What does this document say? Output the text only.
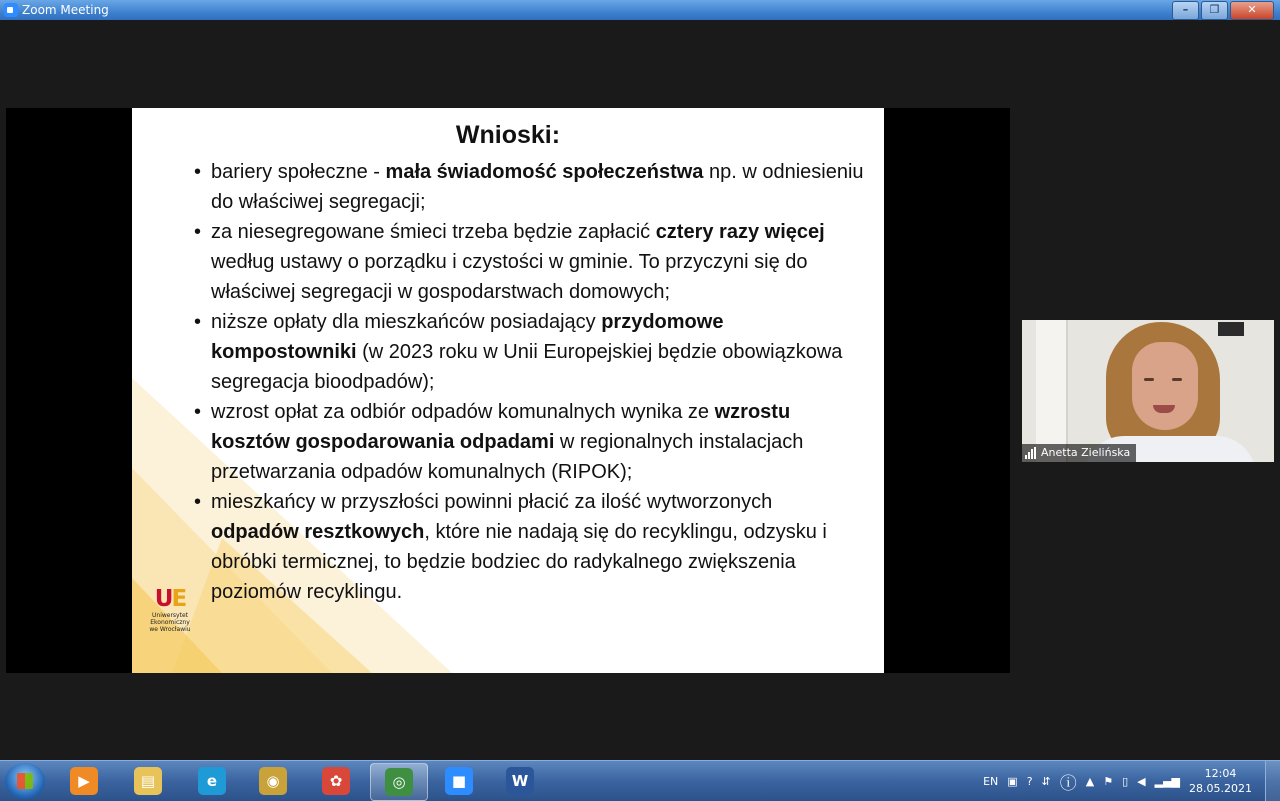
Zoom Meeting	–	❐	✕
Wnioski:
• bariery społeczne - mała świadomość społeczeństwa np. w odniesieniu do właściwej segregacji;
• za niesegregowane śmieci trzeba będzie zapłacić cztery razy więcej według ustawy o porządku i czystości w gminie. To przyczyni się do właściwej segregacji w gospodarstwach domowych;
• niższe opłaty dla mieszkańców posiadający przydomowe kompostowniki (w 2023 roku w Unii Europejskiej będzie obowiązkowa segregacja bioodpadów);
• wzrost opłat za odbiór odpadów komunalnych wynika ze wzrostu kosztów gospodarowania odpadami w regionalnych instalacjach przetwarzania odpadów komunalnych (RIPOK);
• mieszkańcy w przyszłości powinni płacić za ilość wytworzonych odpadów resztkowych, które nie nadają się do recyklingu, odzysku i obróbki termicznej, to będzie bodziec do radykalnego zwiększenia poziomów recyklingu.
UE
Uniwersytet
Ekonomiczny
we Wrocławiu
Anetta Zielińska
▶	▤	e	◉	✿	◎	■	W	EN ▣ ? ⇵ ⓘ ▲ ⚑ ▯ ◀ ▂▄▆
12:04
28.05.2021
